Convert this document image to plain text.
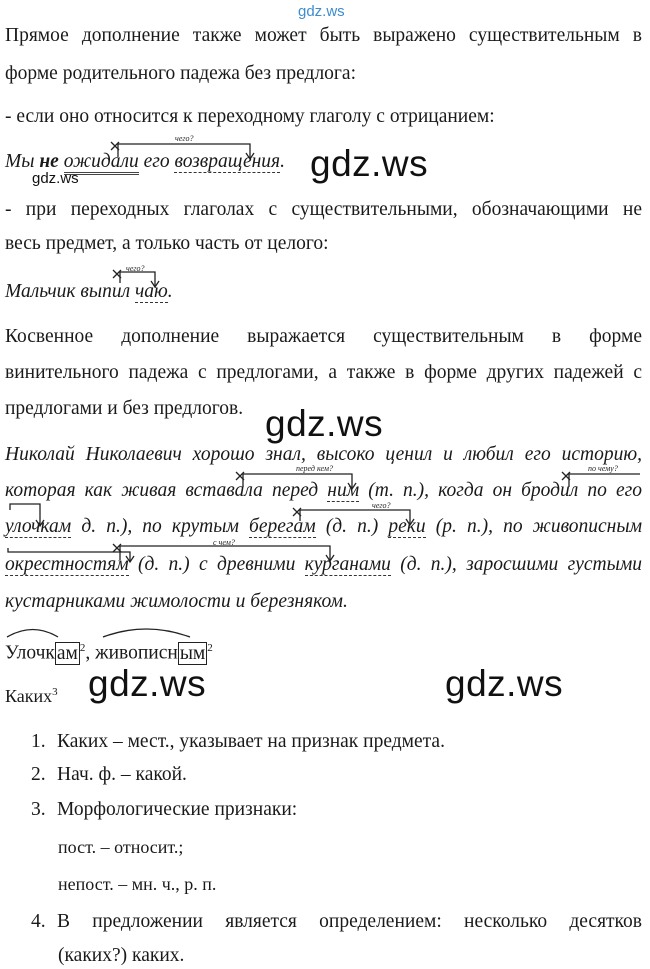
gdz.ws
Прямое дополнение также может быть выражено существительным в
форме родительного падежа без предлога:
- если оно относится к переходному глаголу с отрицанием:
Мы не ожидали его возвращения.
чего?
gdz.ws
gdz.ws
- при переходных глаголах с существительными, обозначающими не
весь предмет, а только часть от целого:
Мальчик выпил чаю.
чего?
Косвенное дополнение выражается существительным в форме
винительного падежа с предлогами, а также в форме других падежей с
предлогами и без предлогов. gdz.ws
Николай Николаевич хорошо знал, высоко ценил и любил его историю,
которая как живая вставала перед ним (т. п.), когда он бродил по его
улочкам д. п.), по крутым берегам (д. п.) реки (р. п.), по живописным
окрестностям (д. п.) с древними курганами (д. п.), заросшими густыми
кустарниками жимолости и березняком.
перед кем?	по чему?
чего?
с чем?
Улочк ам $^2$, живописн ым $^2$
Каких$^3$ gdz.ws	gdz.ws
1. Каких – мест., указывает на признак предмета.
2. Нач. ф. – какой.
3. Морфологические признаки:
пост. – относит.;
непост. – мн. ч., р. п.
4. В предложении является определением: несколько десятков
(каких?) каких.
